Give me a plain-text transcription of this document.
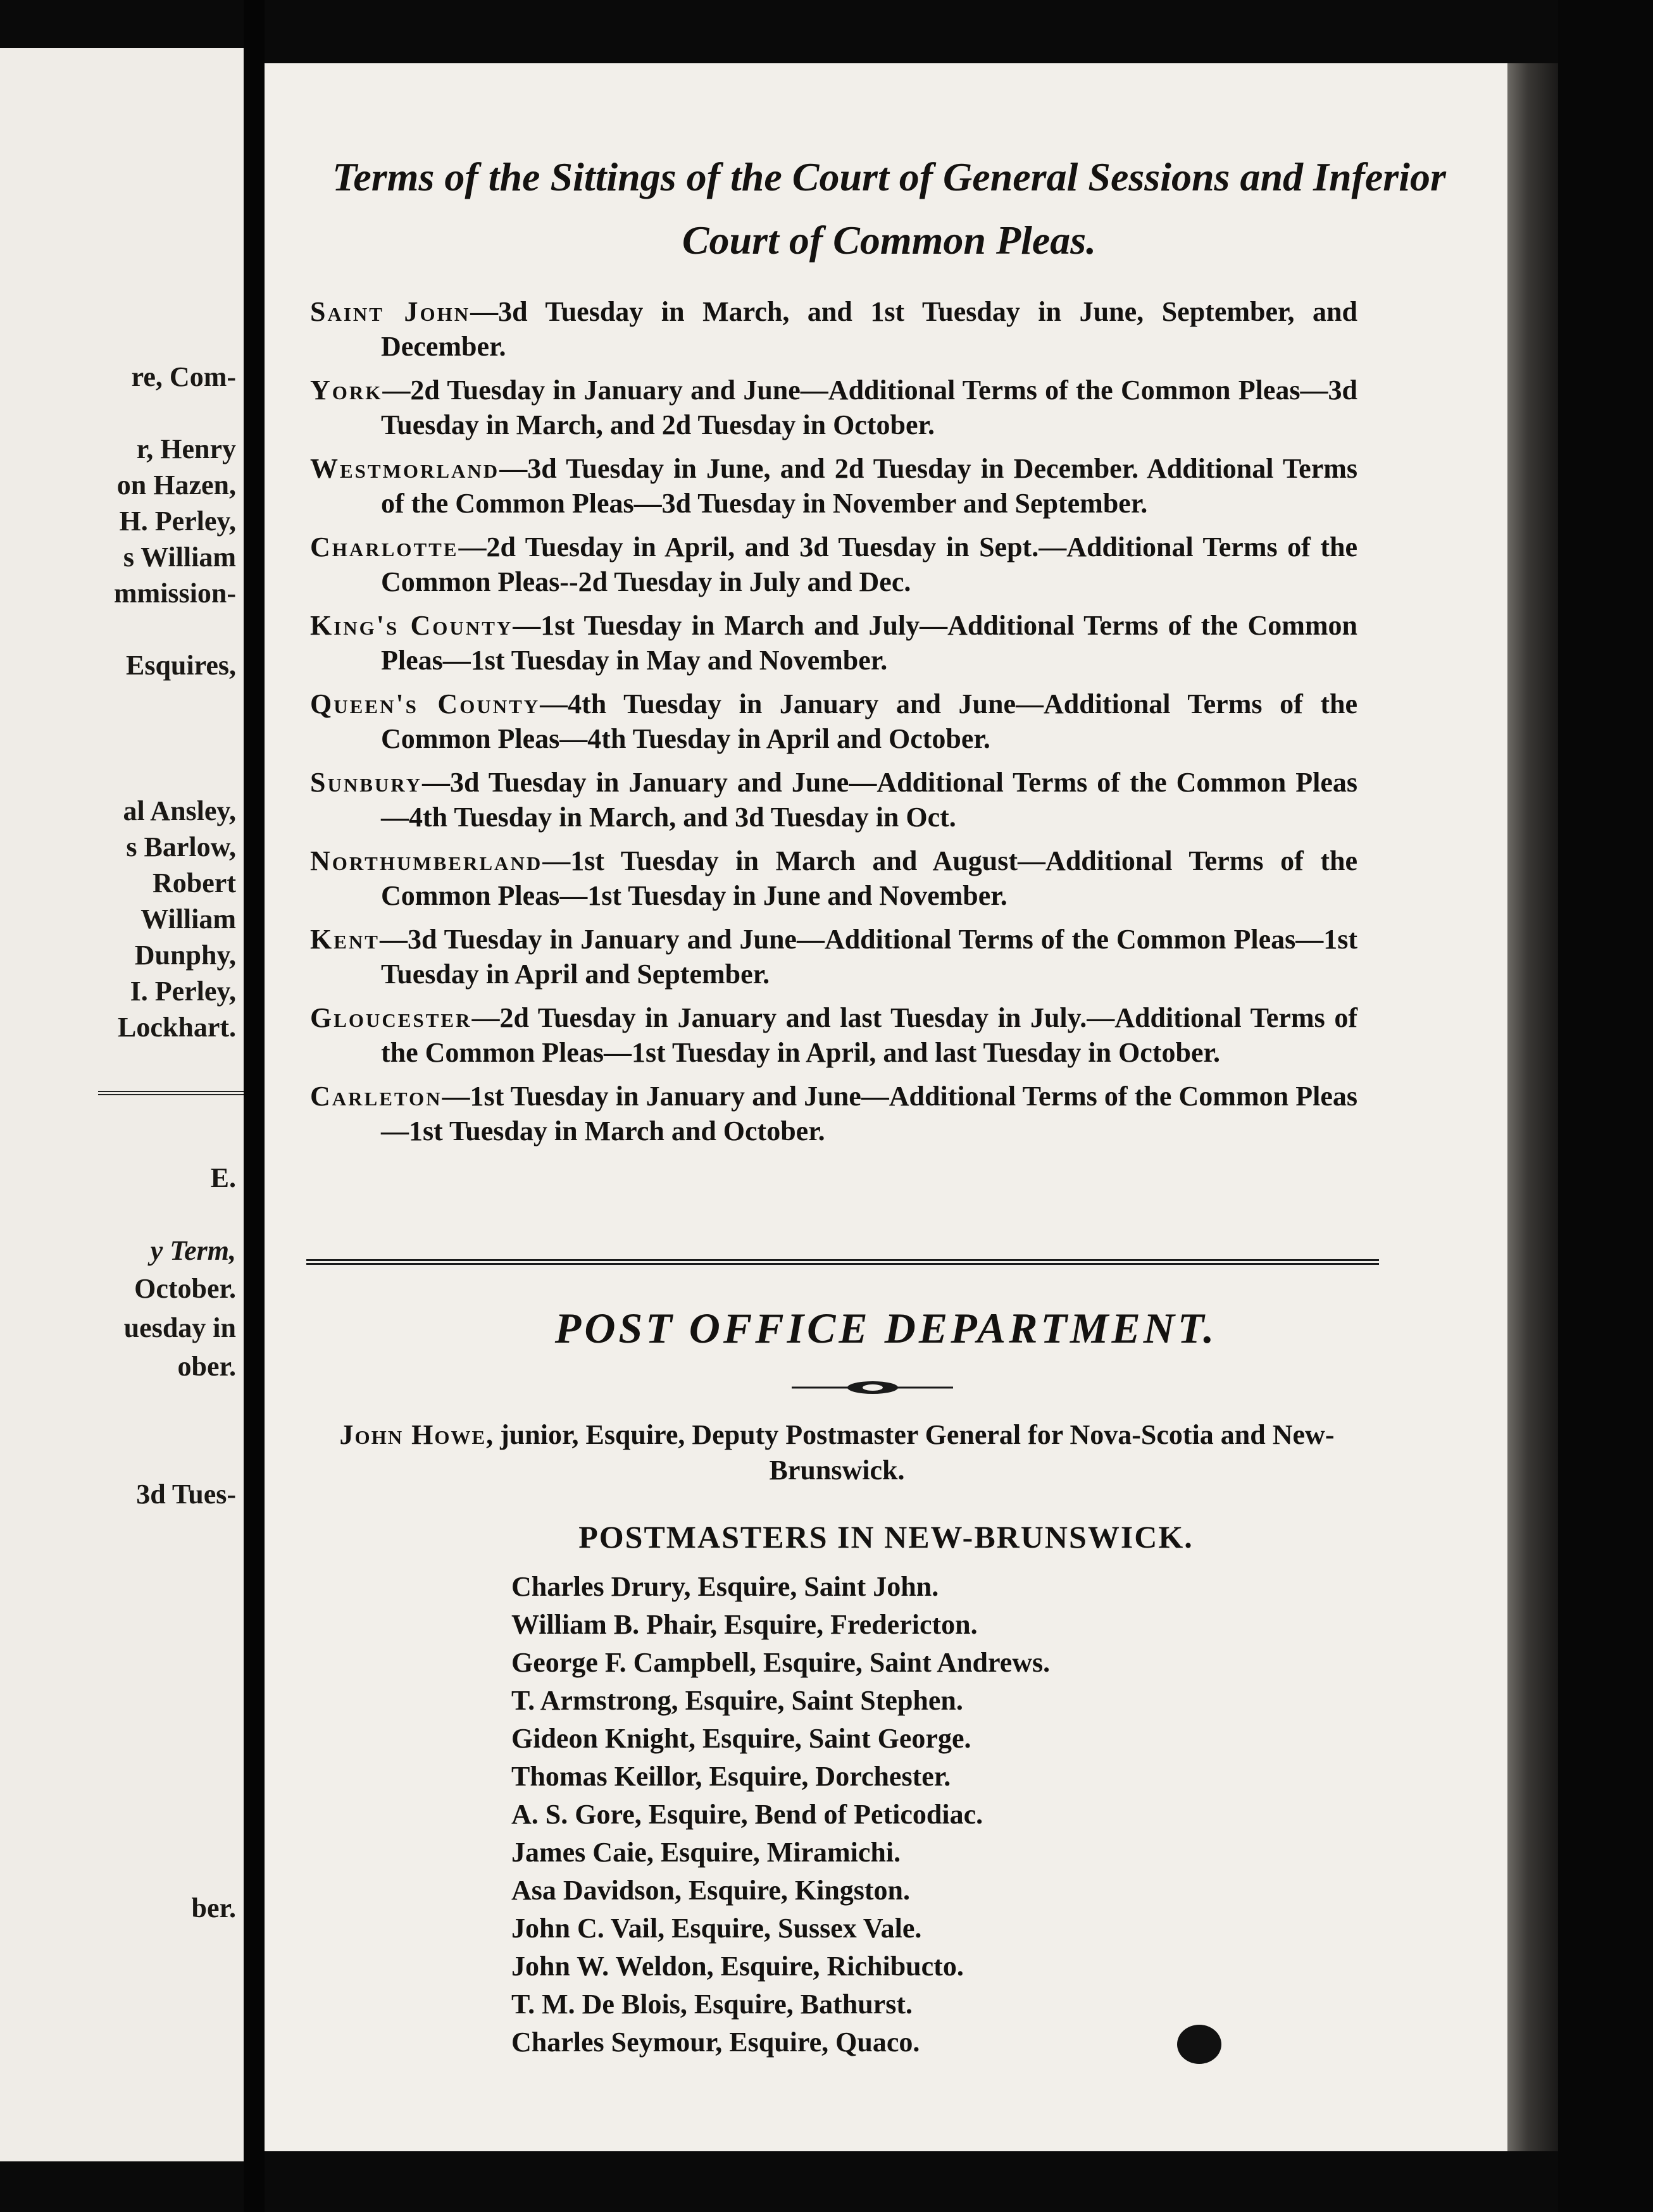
re, Com-

r, Henry

on Hazen,

H. Perley,

s William

mmission-

Esquires,

al Ansley,

s Barlow,

Robert

William

Dunphy,

I. Perley,

Lockhart.

E.

y Term,

October.

uesday in

ober.

3d Tues-

ber.

Terms of the Sittings of the Court of General Sessions and Inferior Court of Common Pleas.

Saint John—3d Tuesday in March, and 1st Tuesday in June, September, and December.

York—2d Tuesday in January and June—Additional Terms of the Common Pleas—3d Tuesday in March, and 2d Tuesday in October.

Westmorland—3d Tuesday in June, and 2d Tuesday in December. Additional Terms of the Common Pleas—3d Tuesday in November and September.

Charlotte—2d Tuesday in April, and 3d Tuesday in Sept.—Additional Terms of the Common Pleas--2d Tuesday in July and Dec.

King's County—1st Tuesday in March and July—Additional Terms of the Common Pleas—1st Tuesday in May and November.

Queen's County—4th Tuesday in January and June—Additional Terms of the Common Pleas—4th Tuesday in April and October.

Sunbury—3d Tuesday in January and June—Additional Terms of the Common Pleas—4th Tuesday in March, and 3d Tuesday in Oct.

Northumberland—1st Tuesday in March and August—Additional Terms of the Common Pleas—1st Tuesday in June and November.

Kent—3d Tuesday in January and June—Additional Terms of the Common Pleas—1st Tuesday in April and September.

Gloucester—2d Tuesday in January and last Tuesday in July.—Additional Terms of the Common Pleas—1st Tuesday in April, and last Tuesday in October.

Carleton—1st Tuesday in January and June—Additional Terms of the Common Pleas—1st Tuesday in March and October.

POST OFFICE DEPARTMENT.

John Howe, junior, Esquire, Deputy Postmaster General for Nova-Scotia and New-Brunswick.

POSTMASTERS IN NEW-BRUNSWICK.
Charles Drury, Esquire, Saint John.
William B. Phair, Esquire, Fredericton.
George F. Campbell, Esquire, Saint Andrews.
T. Armstrong, Esquire, Saint Stephen.
Gideon Knight, Esquire, Saint George.
Thomas Keillor, Esquire, Dorchester.
A. S. Gore, Esquire, Bend of Peticodiac.
James Caie, Esquire, Miramichi.
Asa Davidson, Esquire, Kingston.
John C. Vail, Esquire, Sussex Vale.
John W. Weldon, Esquire, Richibucto.
T. M. De Blois, Esquire, Bathurst.
Charles Seymour, Esquire, Quaco.
